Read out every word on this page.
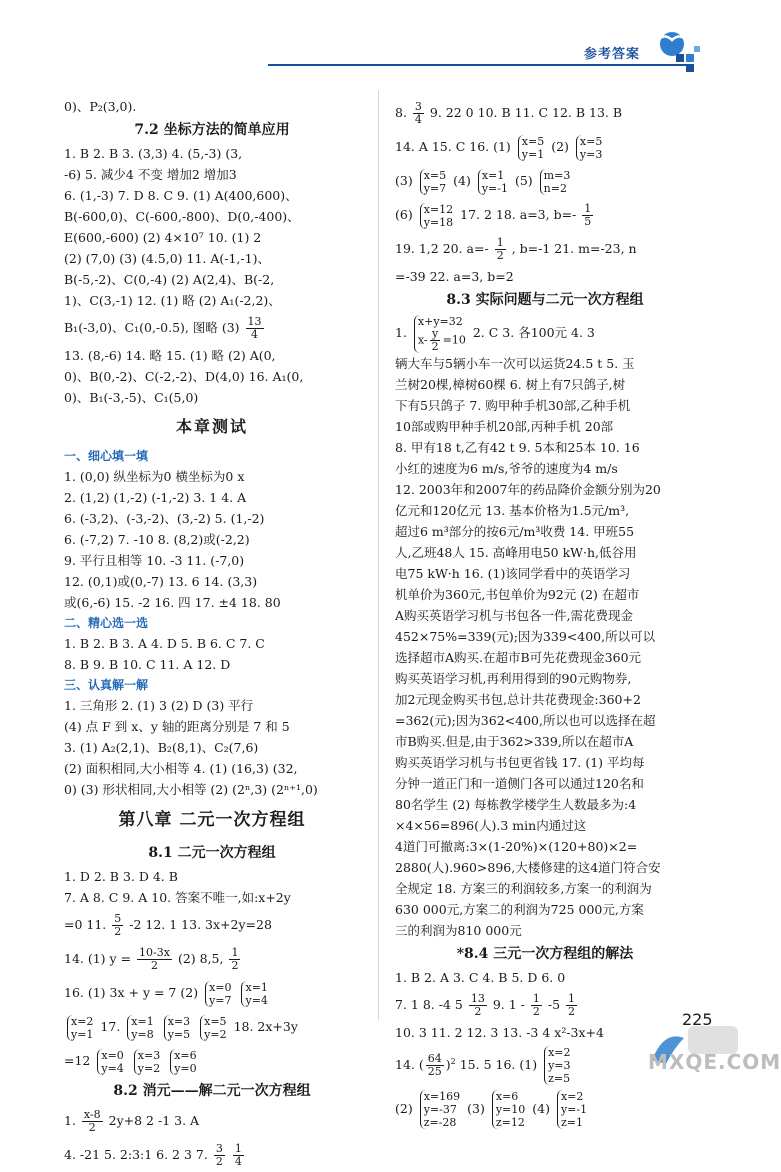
参考答案
0)、P₂(3,0).
7.2 坐标方法的简单应用
1. B 2. B 3. (3,3) 4. (5,-3) (3,
-6) 5. 减少4 不变 增加2 增加3
6. (1,-3) 7. D 8. C 9. (1) A(400,600)、
B(-600,0)、C(-600,-800)、D(0,-400)、
E(600,-600) (2) 4×10⁷ 10. (1) 2
(2) (7,0) (3) (4.5,0) 11. A(-1,-1)、
B(-5,-2)、C(0,-4) (2) A(2,4)、B(-2,
1)、C(3,-1) 12. (1) 略 (2) A₁(-2,2)、
B₁(-3,0)、C₁(0,-0.5), 图略 $(3) \frac{13}{4}$
13. (8,-6) 14. 略 15. (1) 略 (2) A(0,
0)、B(0,-2)、C(-2,-2)、D(4,0) 16. A₁(0,
0)、B₁(-3,-5)、C₁(5,0)
本章测试
一、细心填一填
1. (0,0) 纵坐标为0 横坐标为0 x
2. (1,2) (1,-2) (-1,-2) 3. 1 4. A
6. (-3,2)、(-3,-2)、(3,-2) 5. (1,-2)
6. (-7,2) 7. -10 8. (8,2)或(-2,2)
9. 平行且相等 10. -3 11. (-7,0)
12. (0,1)或(0,-7) 13. 6 14. (3,3)
或(6,-6) 15. -2 16. 四 17. ±4 18. 80
二、精心选一选
1. B 2. B 3. A 4. D 5. B 6. C 7. C
8. B 9. B 10. C 11. A 12. D
三、认真解一解
1. 三角形 2. (1) 3 (2) D (3) 平行
(4) 点 F 到 x、y 轴的距离分别是 7 和 5
3. (1) A₂(2,1)、B₂(8,1)、C₂(7,6)
(2) 面积相同,大小相等 4. (1) (16,3) (32,
0) (3) 形状相同,大小相等 (2) (2ⁿ,3) (2ⁿ⁺¹,0)
第八章 二元一次方程组
8.1 二元一次方程组
1. D 2. B 3. D 4. B
7. A 8. C 9. A 10. 答案不唯一,如:x+2y
=0 11. $\frac{5}{2} -2$ 12. 1 13. 3x+2y=28
14. (1) $y = \frac{10-3x}{2} (2)$ 8,5, $\frac{1}{2}$
16. (1) 3x + y = 7 (2) x=0
y=7

x=1
y=4
x=2
y=1 17. x=1
y=8

x=3
y=5

x=5
y=2 18. 2x+3y
=12 x=0
y=4

x=3
y=2

x=6
y=0
8.2 消元——解二元一次方程组
1. $\frac{x-8}{2} 2y+8$ 2 -1 3. A
4. -21 5. 2:3:1 6. 2 3 7. $\frac{3}{2}$
$\frac{1}{4}$
8. $\frac{3}{4} 9$. 22 0 10. B 11. C 12. B 13. B
14. A 15. C 16. (1) x=5
y=1 (2) x=5
y=3
(3) x=5
y=7 (4) x=1
y=-1 (5) m=3
n=2
(6) x=12
y=18 17. 2 18. a=3, $b=- \frac{1}{5}$
19. 1,2 20. $a=- \frac{1}{2}$ , b=-1 21. m=-23, n
=-39 22. a=3, b=2
8.3 实际问题与二元一次方程组
1.
x+y=32
$x- \frac{y}{2} =10$ 2. C 3. 各100元 4. 3
辆大车与5辆小车一次可以运货24.5 t 5. 玉
兰树20棵,樟树60棵 6. 树上有7只鸽子,树
下有5只鸽子 7. 购甲种手机30部,乙种手机
10部或购甲种手机20部,丙种手机 20部
8. 甲有18 t,乙有42 t 9. 5本和25本 10. 16
小红的速度为6 m/s,爷爷的速度为4 m/s
12. 2003年和2007年的药品降价金额分别为20
亿元和120亿元 13. 基本价格为1.5元/m³,
超过6 m³部分的按6元/m³收费 14. 甲班55
人,乙班48人 15. 高峰用电50 kW·h,低谷用
电75 kW·h 16. (1)该同学看中的英语学习
机单价为360元,书包单价为92元 (2) 在超市
A购买英语学习机与书包各一件,需花费现金
452×75%=339(元);因为339<400,所以可以
选择超市A购买.在超市B可先花费现金360元
购买英语学习机,再利用得到的90元购物券,
加2元现金购买书包,总计共花费现金:360+2
=362(元);因为362<400,所以也可以选择在超
市B购买.但是,由于362>339,所以在超市A
购买英语学习机与书包更省钱 17. (1) 平均每
分钟一道正门和一道侧门各可以通过120名和
80名学生 (2) 每栋教学楼学生人数最多为:4
×4×56=896(人).3 min内通过这
4道门可撤离:3×(1-20%)×(120+80)×2=
2880(人).960>896,大楼修建的这4道门符合安
全规定 18. 方案三的利润较多,方案一的利润为
630 000元,方案二的利润为725 000元,方案
三的利润为810 000元
*8.4 三元一次方程组的解法
1. B 2. A 3. C 4. B 5. D 6. 0
7. 1 8. -4 $5 \frac{13}{2} 9$. $1 - \frac{1}{2} -5 \frac{1}{2}$
10. 3 11. 2 12. 3 13. -3 4 x²-3x+4
14. ( $\frac{64}{25} )^2$ 15. 5 16. (1)
x=2
y=3
z=5
(2)
x=169
y=-37
z=-28
(3)
x=6
y=10
z=12
(4)
x=2
y=-1
z=1
225
MXQE.COM
